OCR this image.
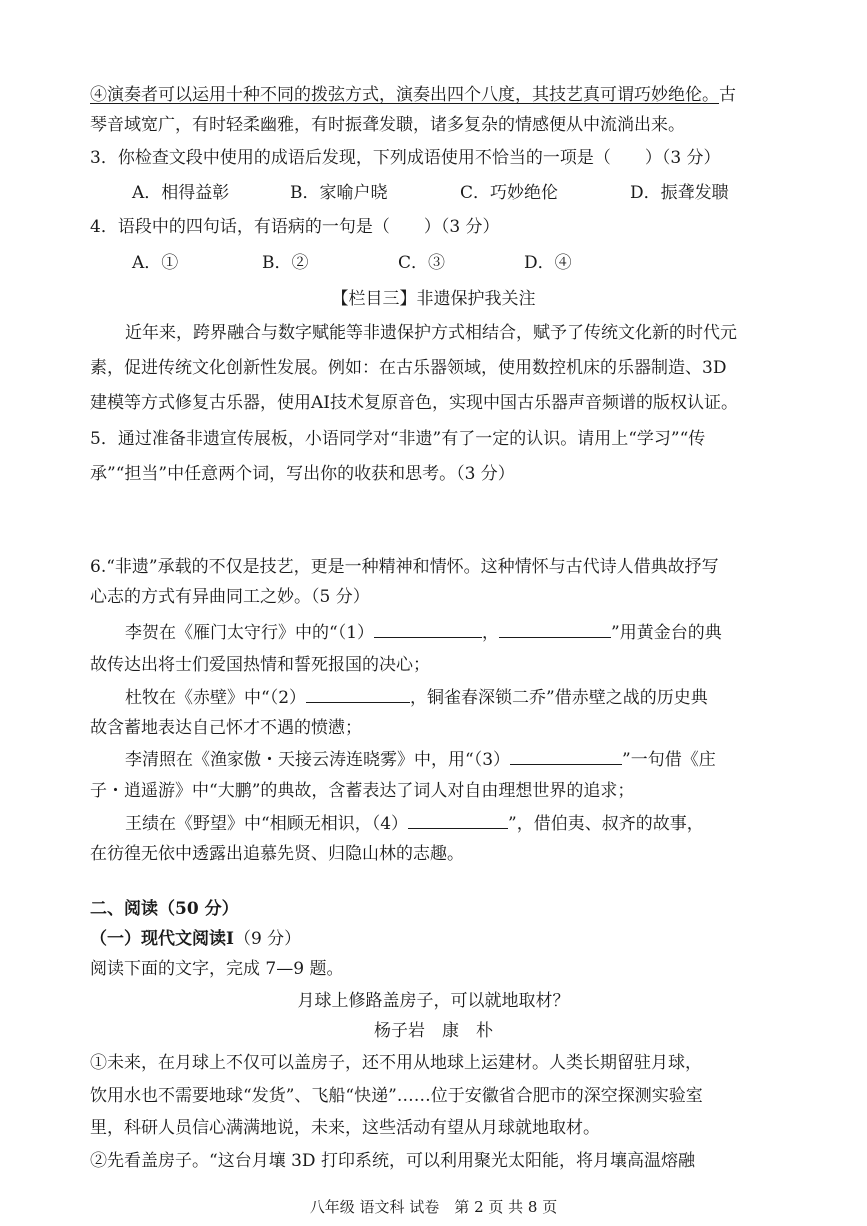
④演奏者可以运用十种不同的拨弦方式，演奏出四个八度，其技艺真可谓巧妙绝伦。古
琴音域宽广，有时轻柔幽雅，有时振聋发聩，诸多复杂的情感便从中流淌出来。
3．你检查文段中使用的成语后发现，下列成语使用不恰当的一项是（　　）（3 分）
A．相得益彰	B．家喻户晓	C．巧妙绝伦	D．振聋发聩
4．语段中的四句话，有语病的一句是（　　）（3 分）
A．①	B．②	C．③	D．④
【栏目三】非遗保护我关注
近年来，跨界融合与数字赋能等非遗保护方式相结合，赋予了传统文化新的时代元
素，促进传统文化创新性发展。例如：在古乐器领域，使用数控机床的乐器制造、3D
建模等方式修复古乐器，使用AI技术复原音色，实现中国古乐器声音频谱的版权认证。
5．通过准备非遗宣传展板，小语同学对“非遗”有了一定的认识。请用上“学习”“传
承”“担当”中任意两个词，写出你的收获和思考。（3 分）
6.“非遗”承载的不仅是技艺，更是一种精神和情怀。这种情怀与古代诗人借典故抒写
心志的方式有异曲同工之妙。（5 分）
李贺在《雁门太守行》中的“（1）	，	”用黄金台的典
故传达出将士们爱国热情和誓死报国的决心；
杜牧在《赤壁》中“（2）	，铜雀春深锁二乔”借赤壁之战的历史典
故含蓄地表达自己怀才不遇的愤懑；
李清照在《渔家傲・天接云涛连晓雾》中，用“（3）	”一句借《庄
子・逍遥游》中“大鹏”的典故，含蓄表达了词人对自由理想世界的追求；
王绩在《野望》中“相顾无相识，（4）	”，借伯夷、叔齐的故事，
在彷徨无依中透露出追慕先贤、归隐山林的志趣。
二、阅读（50 分）
（一）现代文阅读Ⅰ（9 分）
阅读下面的文字，完成 7—9 题。
月球上修路盖房子，可以就地取材？
杨子岩　康　朴
①未来，在月球上不仅可以盖房子，还不用从地球上运建材。人类长期留驻月球，
饮用水也不需要地球“发货”、飞船“快递”……位于安徽省合肥市的深空探测实验室
里，科研人员信心满满地说，未来，这些活动有望从月球就地取材。
②先看盖房子。“这台月壤 3D 打印系统，可以利用聚光太阳能，将月壤高温熔融
八年级 语文科 试卷　第 2 页 共 8 页
